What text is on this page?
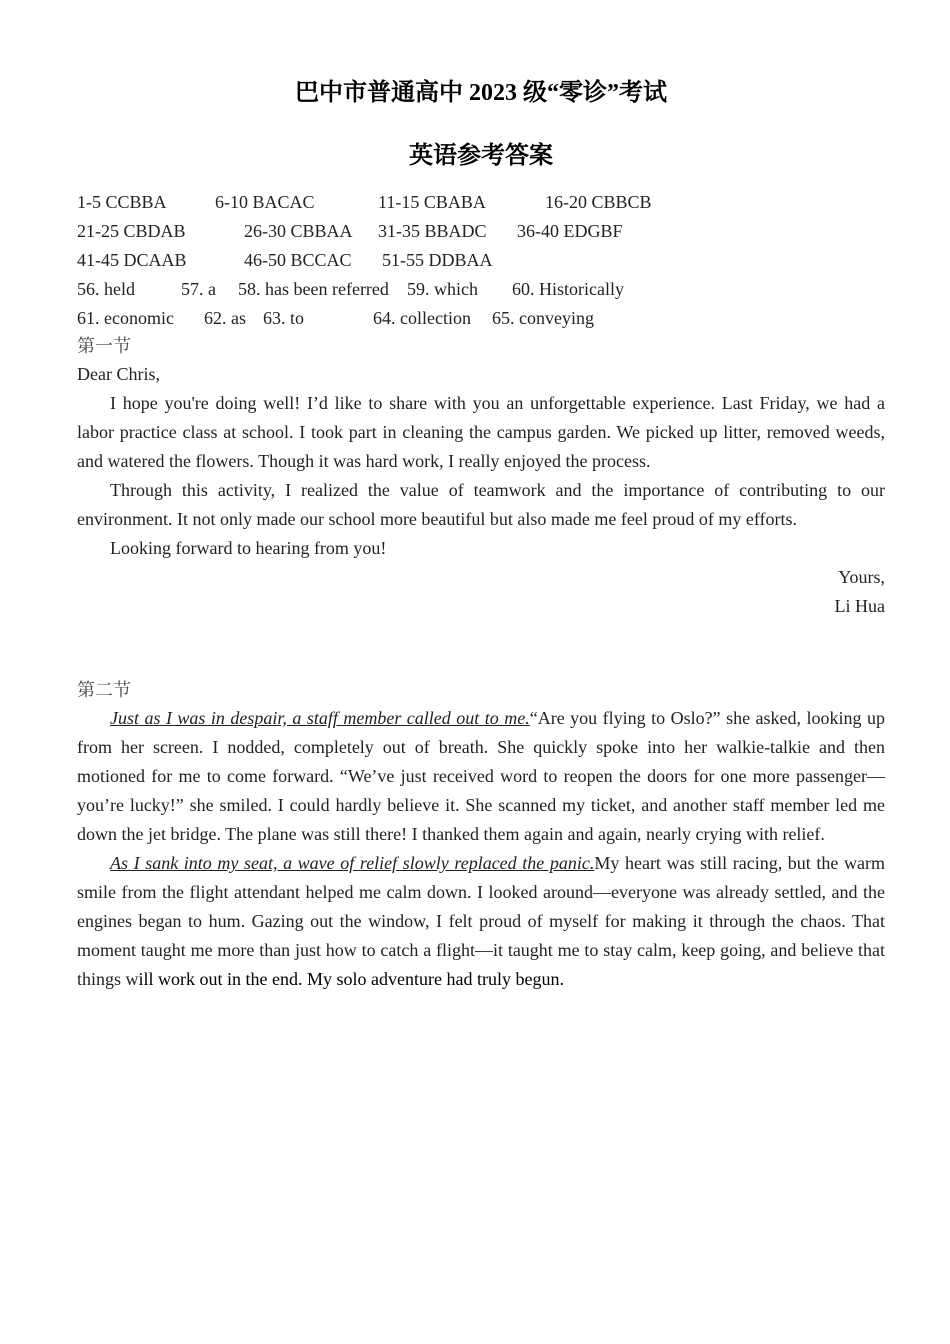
巴中市普通高中 2023 级“零诊”考试
英语参考答案
1-5 CCBBA	6-10 BACAC	11-15 CBABA	16-20 CBBCB
21-25 CBDAB	26-30 CBBAA 31-35 BBADC 36-40 EDGBF
41-45 DCAAB	46-50 BCCAC 51-55 DDBAA
56. held	57. a 58. has been referred 59. which 60. Historically
61. economic 62. as 63. to	64. collection 65. conveying
第一节

Dear Chris,

I hope you're doing well! I’d like to share with you an unforgettable experience. Last Friday, we had a labor practice class at school. I took part in cleaning the campus garden. We picked up litter, removed weeds, and watered the flowers. Though it was hard work, I really enjoyed the process.

Through this activity, I realized the value of teamwork and the importance of contributing to our environment. It not only made our school more beautiful but also made me feel proud of my efforts.

Looking forward to hearing from you!

Yours,

Li Hua

第二节

Just as I was in despair, a staff member called out to me.“Are you flying to Oslo?” she asked, looking up from her screen. I nodded, completely out of breath. She quickly spoke into her walkie-talkie and then motioned for me to come forward. “We’ve just received word to reopen the doors for one more passenger—you’re lucky!” she smiled. I could hardly believe it. She scanned my ticket, and another staff member led me down the jet bridge. The plane was still there! I thanked them again and again, nearly crying with relief.

As I sank into my seat, a wave of relief slowly replaced the panic.My heart was still racing, but the warm smile from the flight attendant helped me calm down. I looked around—everyone was already settled, and the engines began to hum. Gazing out the window, I felt proud of myself for making it through the chaos. That moment taught me more than just how to catch a flight—it taught me to stay calm, keep going, and believe that things will work out in the end. My solo adventure had truly begun.
